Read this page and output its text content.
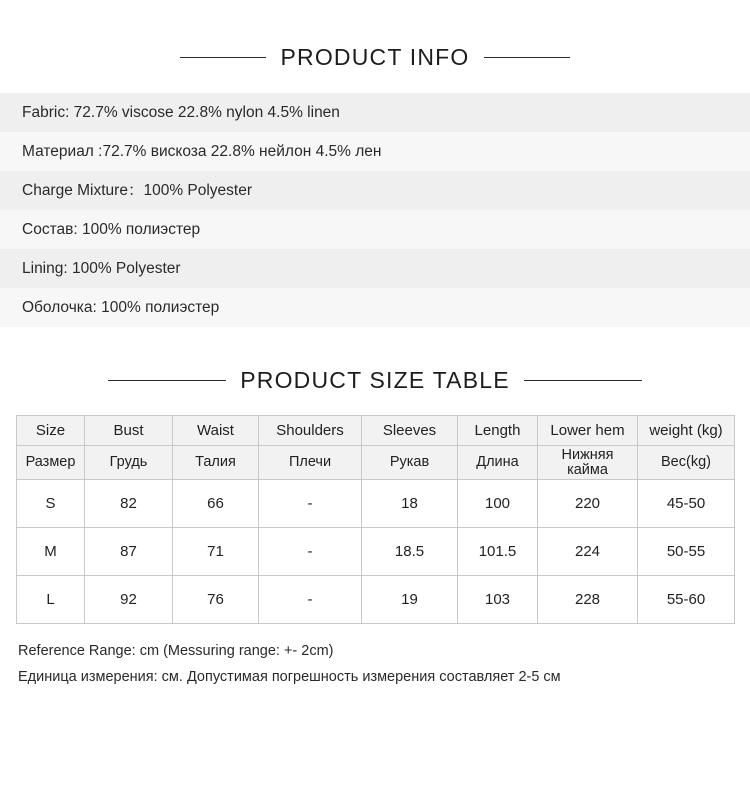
PRODUCT INFO
Fabric: 72.7% viscose 22.8% nylon 4.5% linen
Материал :72.7% вискоза 22.8% нейлон 4.5% лен
Charge Mixture：100% Polyester
Состав: 100% полиэстер
Lining: 100% Polyester
Оболочка: 100% полиэстер
PRODUCT SIZE TABLE
Size	Bust	Waist	Shoulders	Sleeves	Length	Lower hem	weight (kg)
Размер	Грудь	Талия	Плечи	Рукав	Длина	Нижняя кайма	Вес(kg)
S	82	66	-	18	100	220	45-50
M	87	71	-	18.5	101.5	224	50-55
L	92	76	-	19	103	228	55-60
Reference Range: cm (Messuring range: +- 2cm)
Единица измерения: см. Допустимая погрешность измерения составляет 2-5 см
